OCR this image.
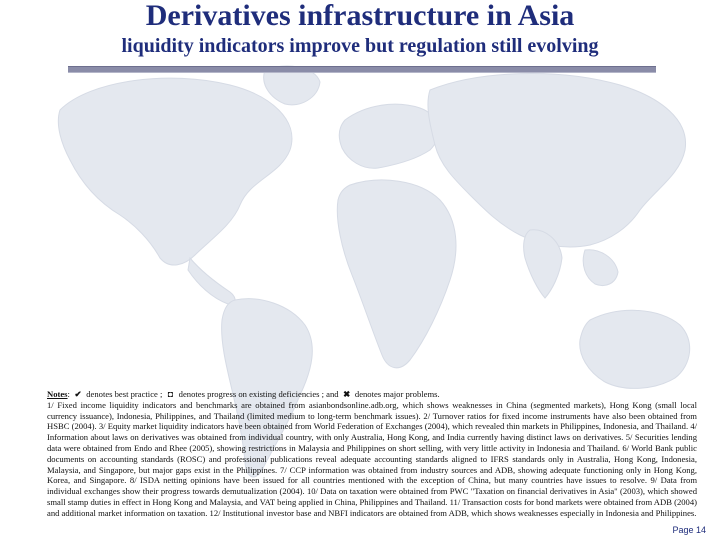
Derivatives infrastructure in Asia
liquidity indicators improve but regulation still evolving
Notes: ✔ denotes best practice ; ◘ denotes progress on existing deficiencies ; and ✖ denotes major problems.
1/ Fixed income liquidity indicators and benchmarks are obtained from asianbondsonline.adb.org, which shows weaknesses in China (segmented markets), Hong Kong (small local currency issuance), Indonesia, Philippines, and Thailand (limited medium to long-term benchmark issues). 2/ Turnover ratios for fixed income instruments have also been obtained from HSBC (2004). 3/ Equity market liquidity indicators have been obtained from World Federation of Exchanges (2004), which revealed thin markets in Philippines, Indonesia, and Thailand. 4/ Information about laws on derivatives was obtained from individual country, with only Australia, Hong Kong, and India currently having distinct laws on derivatives. 5/ Securities lending data were obtained from Endo and Rhee (2005), showing restrictions in Malaysia and Philippines on short selling, with very little activity in Indonesia and Thailand. 6/ World Bank public documents on accounting standards (ROSC) and professional publications reveal adequate accounting standards aligned to IFRS standards only in Australia, Hong Kong, Indonesia, Malaysia, and Singapore, but major gaps exist in the Philippines. 7/ CCP information was obtained from industry sources and ADB, showing adequate functioning only in Hong Kong, Korea, and Singapore. 8/ ISDA netting opinions have been issued for all countries mentioned with the exception of China, but many countries have issues to resolve. 9/ Data from individual exchanges show their progress towards demutualization (2004). 10/ Data on taxation were obtained from PWC "Taxation on financial derivatives in Asia" (2003), which showed small stamp duties in effect in Hong Kong and Malaysia, and VAT being applied in China, Philippines and Thailand. 11/ Transaction costs for bond markets were obtained from ADB (2004) and additional market information on taxation. 12/ Institutional investor base and NBFI indicators are obtained from ADB, which shows weaknesses especially in Indonesia and Philippines.
Page 14
